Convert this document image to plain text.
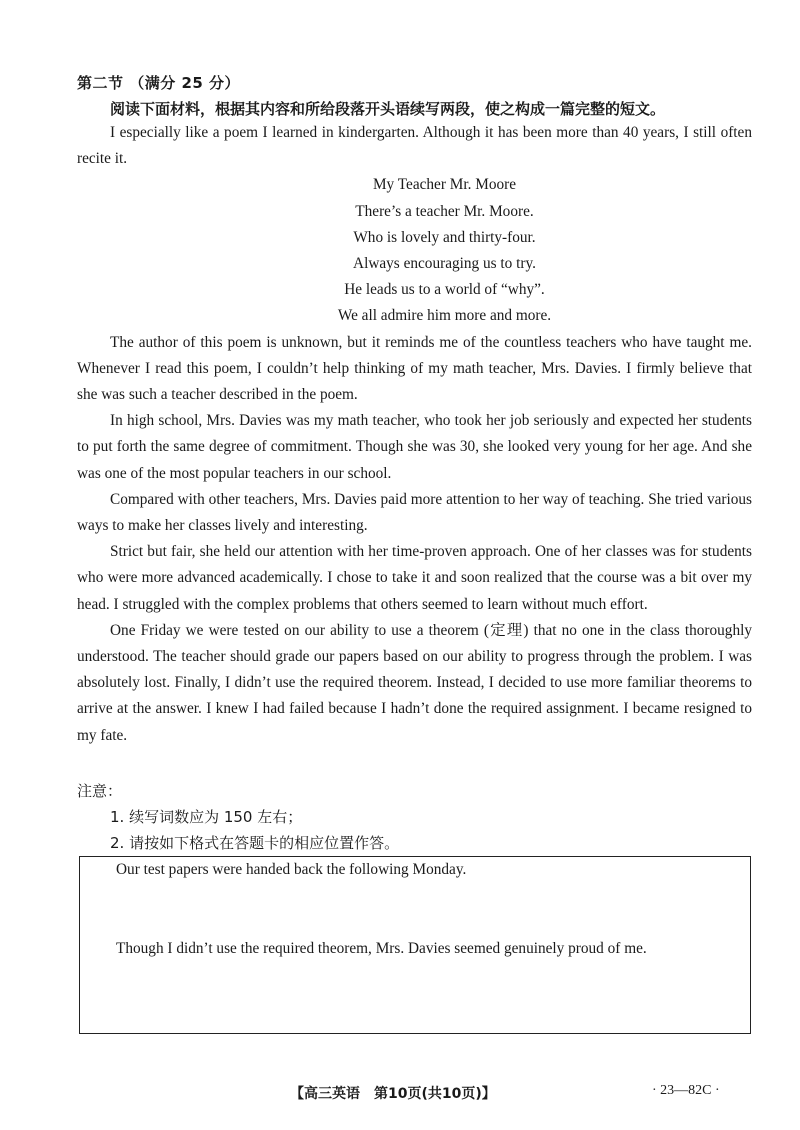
第二节 （满分 25 分）
阅读下面材料，根据其内容和所给段落开头语续写两段，使之构成一篇完整的短文。

I especially like a poem I learned in kindergarten. Although it has been more than 40 years, I still often recite it.

My Teacher Mr. Moore
There’s a teacher Mr. Moore.
Who is lovely and thirty-four.
Always encouraging us to try.
He leads us to a world of “why”.
We all admire him more and more.

The author of this poem is unknown, but it reminds me of the countless teachers who have taught me. Whenever I read this poem, I couldn’t help thinking of my math teacher, Mrs. Davies. I firmly believe that she was such a teacher described in the poem.

In high school, Mrs. Davies was my math teacher, who took her job seriously and expected her students to put forth the same degree of commitment. Though she was 30, she looked very young for her age. And she was one of the most popular teachers in our school.

Compared with other teachers, Mrs. Davies paid more attention to her way of teaching. She tried various ways to make her classes lively and interesting.

Strict but fair, she held our attention with her time-proven approach. One of her classes was for students who were more advanced academically. I chose to take it and soon realized that the course was a bit over my head. I struggled with the complex problems that others seemed to learn without much effort.

One Friday we were tested on our ability to use a theorem (定理) that no one in the class thoroughly understood. The teacher should grade our papers based on our ability to progress through the problem. I was absolutely lost. Finally, I didn’t use the required theorem. Instead, I decided to use more familiar theorems to arrive at the answer. I knew I had failed because I hadn’t done the required assignment. I became resigned to my fate.

注意：
1. 续写词数应为 150 左右；
2. 请按如下格式在答题卡的相应位置作答。
Our test papers were handed back the following Monday.
Though I didn’t use the required theorem, Mrs. Davies seemed genuinely proud of me.
【高三英语　第10页(共10页)】	· 23—82C ·
